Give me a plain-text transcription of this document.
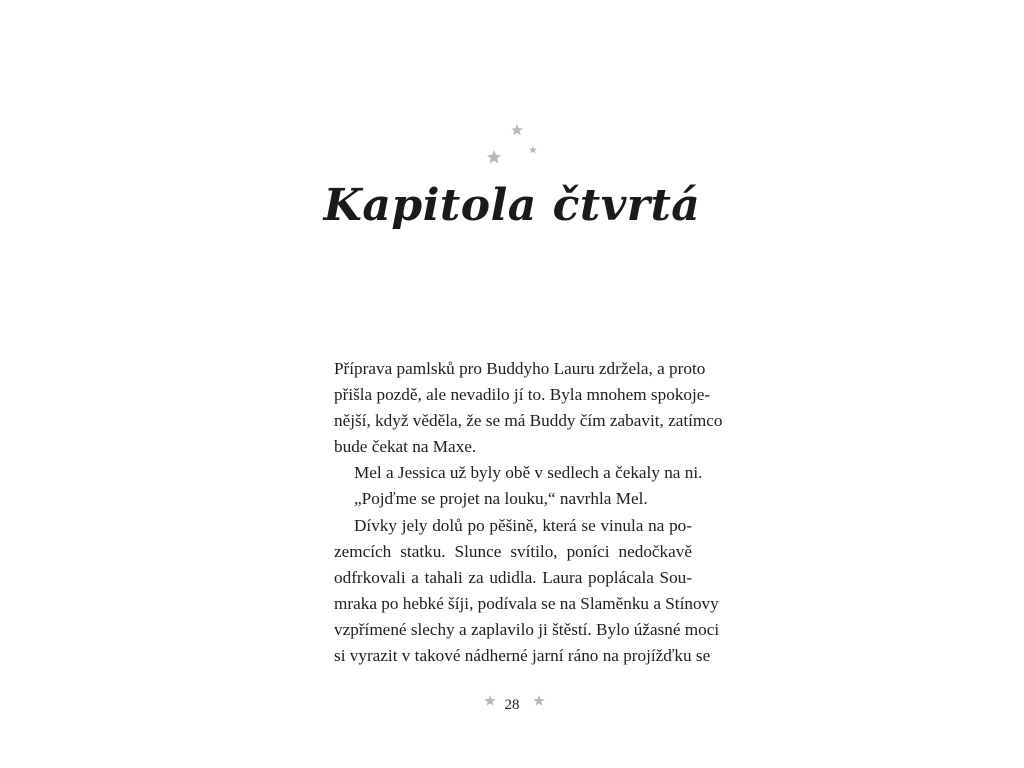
Kapitola čtvrtá
Příprava pamlsků pro Buddyho Lauru zdržela, a proto
přišla pozdě, ale nevadilo jí to. Byla mnohem spokoje-
nější, když věděla, že se má Buddy čím zabavit, zatímco
bude čekat na Maxe.
Mel a Jessica už byly obě v sedlech a čekaly na ni.
„Pojďme se projet na louku,“ navrhla Mel.
Dívky jely dolů po pěšině, která se vinula na po-
zemcích statku. Slunce svítilo, poníci nedočkavě
odfrkovali a tahali za udidla. Laura poplácala Sou-
mraka po hebké šíji, podívala se na Slaměnku a Stínovy
vzpřímené slechy a zaplavilo ji štěstí. Bylo úžasné moci
si vyrazit v takové nádherné jarní ráno na projížďku se
28
